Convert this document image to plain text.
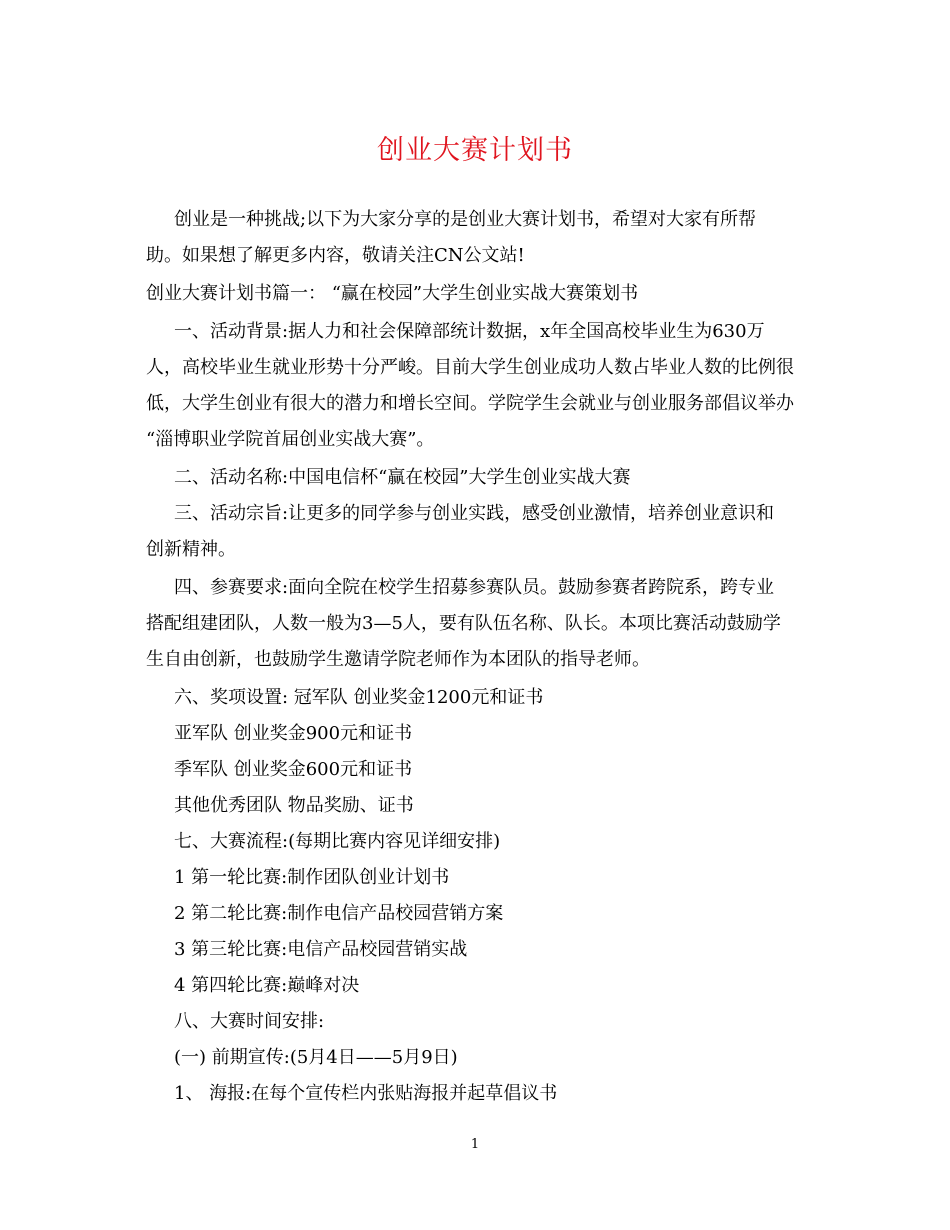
创业大赛计划书
创业是一种挑战;以下为大家分享的是创业大赛计划书，希望对大家有所帮
助。如果想了解更多内容，敬请关注CN公文站!
创业大赛计划书篇一： “赢在校园”大学生创业实战大赛策划书
一、活动背景:据人力和社会保障部统计数据，x年全国高校毕业生为630万
人，高校毕业生就业形势十分严峻。目前大学生创业成功人数占毕业人数的比例很
低，大学生创业有很大的潜力和增长空间。学院学生会就业与创业服务部倡议举办
“淄博职业学院首届创业实战大赛”。
二、活动名称:中国电信杯“赢在校园”大学生创业实战大赛
三、活动宗旨:让更多的同学参与创业实践，感受创业激情，培养创业意识和
创新精神。
四、参赛要求:面向全院在校学生招募参赛队员。鼓励参赛者跨院系，跨专业
搭配组建团队，人数一般为3—5人，要有队伍名称、队长。本项比赛活动鼓励学
生自由创新，也鼓励学生邀请学院老师作为本团队的指导老师。
六、奖项设置: 冠军队 创业奖金1200元和证书
亚军队 创业奖金900元和证书
季军队 创业奖金600元和证书
其他优秀团队 物品奖励、证书
七、大赛流程:(每期比赛内容见详细安排)
1 第一轮比赛:制作团队创业计划书
2 第二轮比赛:制作电信产品校园营销方案
3 第三轮比赛:电信产品校园营销实战
4 第四轮比赛:巅峰对决
八、大赛时间安排:
(一) 前期宣传:(5月4日——5月9日)
1、 海报:在每个宣传栏内张贴海报并起草倡议书
1
